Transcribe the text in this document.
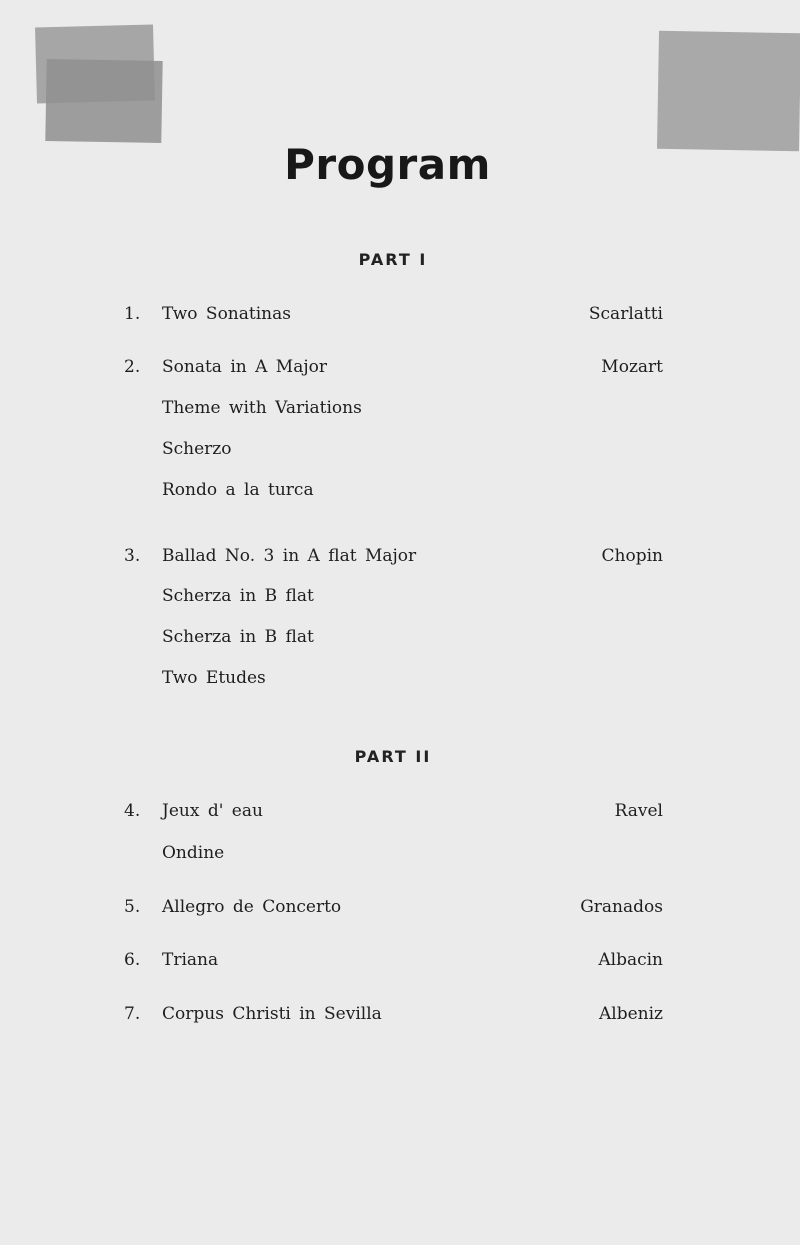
Program
PART I
1. Two Sonatinas	Scarlatti
2. Sonata in A Major	Mozart
Theme with Variations
Scherzo
Rondo a la turca
3. Ballad No. 3 in A flat Major	Chopin
Scherza in B flat
Scherza in B flat
Two Etudes
PART II
4. Jeux d' eau	Ravel
Ondine
5. Allegro de Concerto	Granados
6. Triana	Albacin
7. Corpus Christi in Sevilla	Albeniz
